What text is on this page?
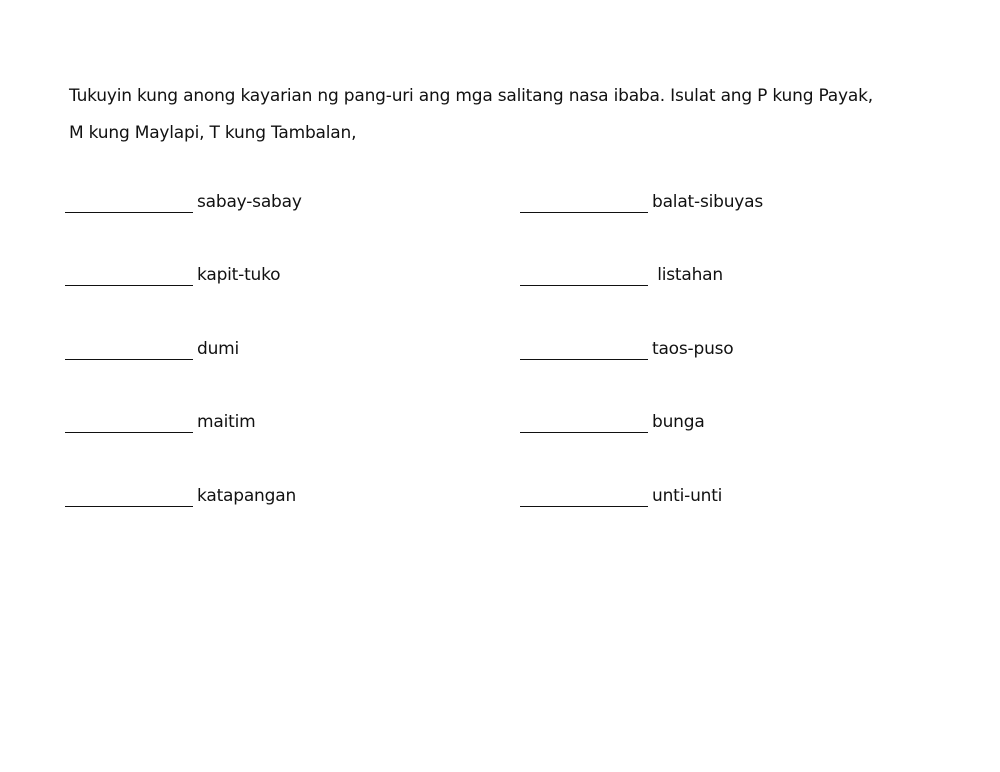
Tukuyin kung anong kayarian ng pang-uri ang mga salitang nasa ibaba. Isulat ang P kung Payak,

M kung Maylapi, T kung Tambalan,

sabay-sabay
kapit-tuko
dumi
maitim
katapangan
balat-sibuyas
listahan
taos-puso
bunga
unti-unti
